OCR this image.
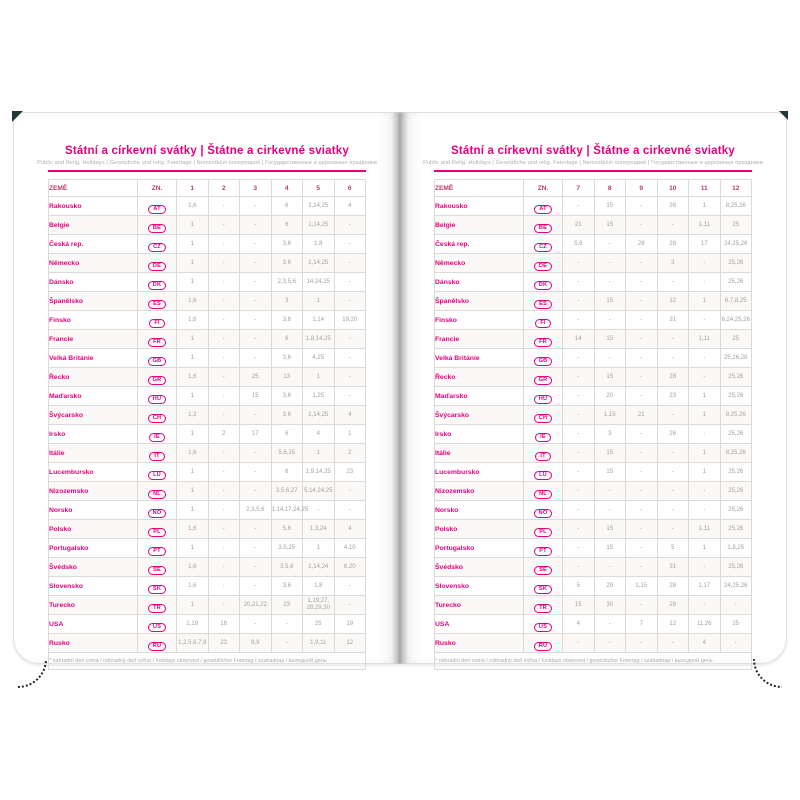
Státní a církevní svátky | Štátne a cirkevné sviatky
Public and Relig. Holidays | Gesetzliche und relig. Feiertage | Nemzetközi ünnepnapok | Государственные и церковные праздники
ZEMĚ	ZN.	1	2	3	4	5	6
Rakousko	AT	1,6	-	-	6	1,14,25	4
Belgie	BE	1	-	-	6	1,14,25	-
Česká rep.	CZ	1	-	-	3,6	1,8	-
Německo	DE	1	-	-	3,6	1,14,25	-
Dánsko	DK	1	-	-	2,3,5,6	14,24,25	-
Španělsko	ES	1,6	-	-	3	1	-
Finsko	FI	1,6	-	-	3,6	1,14	19,20
Francie	FR	1	-	-	6	1,8,14,25	-
Velká Británie	GB	1	-	-	3,6	4,25	-
Řecko	GR	1,6	-	25	13	1	-
Maďarsko	HU	1	-	15	3,6	1,25	-
Švýcarsko	CH	1,2	-	-	3,6	1,14,25	4
Irsko	IE	1	2	17	6	4	1
Itálie	IT	1,6	-	-	5,6,25	1	2
Lucembursko	LU	1	-	-	6	1,9,14,25	23
Nizozemsko	NL	1	-	-	3,5,6,27	5,14,24,25	-
Norsko	NO	1	-	2,3,5,6	1,14,17,24,25	-	-
Polsko	PL	1,6	-	-	5,6	1,3,24	4
Portugalsko	PT	1	-	-	3,5,25	1	4,10
Švédsko	SE	1,6	-	-	3,5,6	1,14,24	6,20
Slovensko	SK	1,6	-	-	3,6	1,8	-
Turecko	TR	1	-	20,21,22	23	1,19,27, 28,29,30	-
USA	US	1,19	16	-	-	25	19
Rusko	RU	1,2,5,6,7,8	23	8,9	-	1,9,11	12
* náhradní den volna / náhradný deň voľna / holidays observed / gesetzlicher Feiertag / szabadnap / выходной день							
Státní a církevní svátky | Štátne a cirkevné sviatky
Public and Relig. Holidays | Gesetzliche und relig. Feiertage | Nemzetközi ünnepnapok | Государственные и церковные праздники
ZEMĚ	ZN.	7	8	9	10	11	12
Rakousko	AT	-	15	-	26	1	8,25,26
Belgie	BE	21	15	-	-	1,11	25
Česká rep.	CZ	5,6	-	28	28	17	24,25,26
Německo	DE	-	-	-	3	-	25,26
Dánsko	DK	-	-	-	-	-	25,26
Španělsko	ES	-	15	-	12	1	6,7,8,25
Finsko	FI	-	-	-	31	-	6,24,25,26
Francie	FR	14	15	-	-	1,11	25
Velká Británie	GB	-	-	-	-	-	25,26,28
Řecko	GR	-	15	-	28	-	25,26
Maďarsko	HU	-	20	-	23	1	25,26
Švýcarsko	CH	-	1,15	21	-	1	8,25,26
Irsko	IE	-	3	-	26	-	25,26
Itálie	IT	-	15	-	-	1	8,25,26
Lucembursko	LU	-	15	-	-	1	25,26
Nizozemsko	NL	-	-	-	-	-	25,26
Norsko	NO	-	-	-	-	-	25,26
Polsko	PL	-	15	-	-	1,11	25,26
Portugalsko	PT	-	15	-	5	1	1,8,25
Švédsko	SE	-	-	-	31	-	25,26
Slovensko	SK	5	29	1,15	28	1,17	24,25,26
Turecko	TR	15	30	-	29	-	-
USA	US	4	-	7	12	11,26	25
Rusko	RU	-	-	-	-	4	-
* náhradní den volna / náhradný deň voľna / holidays observed / gesetzlicher Feiertag / szabadnap / выходной день							
